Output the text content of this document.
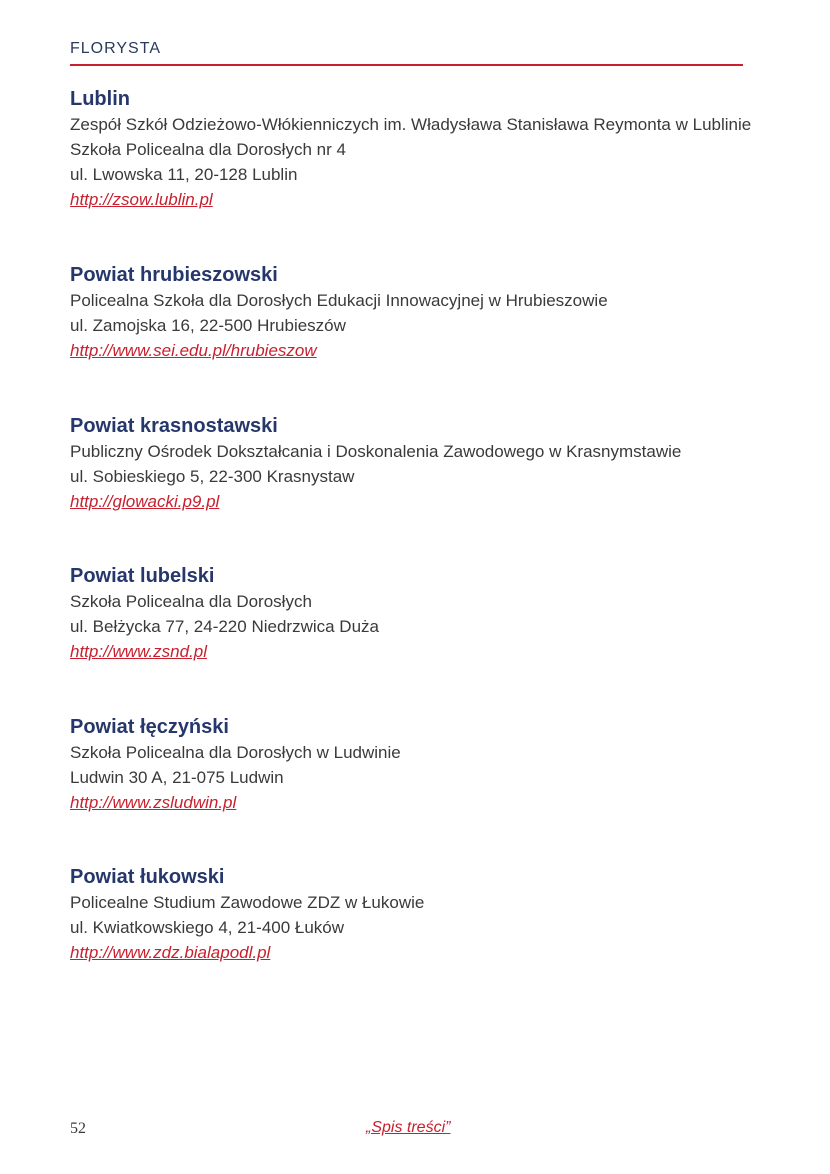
FLORYSTA
Lublin
Zespół Szkół Odzieżowo-Włókienniczych im. Władysława Stanisława Reymonta w Lublinie
Szkoła Policealna dla Dorosłych nr 4
ul. Lwowska 11, 20-128 Lublin
http://zsow.lublin.pl
Powiat hrubieszowski
Policealna Szkoła dla Dorosłych Edukacji Innowacyjnej w Hrubieszowie
ul. Zamojska 16, 22-500 Hrubieszów
http://www.sei.edu.pl/hrubieszow
Powiat krasnostawski
Publiczny Ośrodek Dokształcania i Doskonalenia Zawodowego w Krasnymstawie
ul. Sobieskiego 5, 22-300 Krasnystaw
http://glowacki.p9.pl
Powiat lubelski
Szkoła Policealna dla Dorosłych
ul. Bełżycka 77, 24-220 Niedrzwica Duża
http://www.zsnd.pl
Powiat łęczyński
Szkoła Policealna dla Dorosłych w Ludwinie
Ludwin 30 A, 21-075 Ludwin
http://www.zsludwin.pl
Powiat łukowski
Policealne Studium Zawodowe ZDZ w Łukowie
ul. Kwiatkowskiego 4, 21-400 Łuków
http://www.zdz.bialapodl.pl
52	„Spis treści”
